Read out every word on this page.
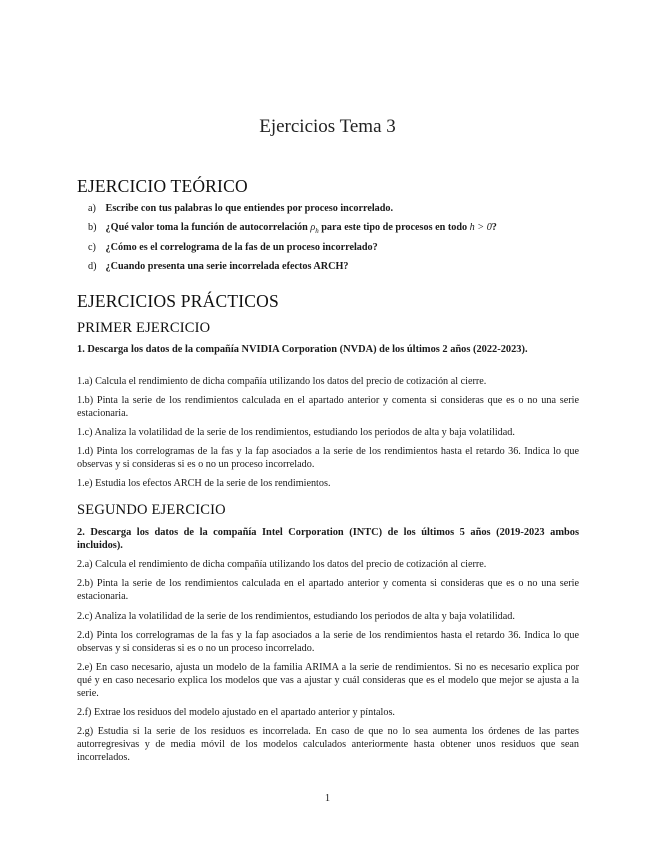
Ejercicios Tema 3
EJERCICIO TEÓRICO
a) Escribe con tus palabras lo que entiendes por proceso incorrelado.
b) ¿Qué valor toma la función de autocorrelación $\rho_h$ para este tipo de procesos en todo h > 0?
c) ¿Cómo es el correlograma de la fas de un proceso incorrelado?
d) ¿Cuando presenta una serie incorrelada efectos ARCH?
EJERCICIOS PRÁCTICOS
PRIMER EJERCICIO
1. Descarga los datos de la compañía NVIDIA Corporation (NVDA) de los últimos 2 años (2022-2023).
1.a) Calcula el rendimiento de dicha compañía utilizando los datos del precio de cotización al cierre.
1.b) Pinta la serie de los rendimientos calculada en el apartado anterior y comenta si consideras que es o no una serie estacionaria.
1.c) Analiza la volatilidad de la serie de los rendimientos, estudiando los periodos de alta y baja volatilidad.
1.d) Pinta los correlogramas de la fas y la fap asociados a la serie de los rendimientos hasta el retardo 36. Indica lo que observas y si consideras si es o no un proceso incorrelado.
1.e) Estudia los efectos ARCH de la serie de los rendimientos.
SEGUNDO EJERCICIO
2. Descarga los datos de la compañía Intel Corporation (INTC) de los últimos 5 años (2019-2023 ambos incluidos).
2.a) Calcula el rendimiento de dicha compañía utilizando los datos del precio de cotización al cierre.
2.b) Pinta la serie de los rendimientos calculada en el apartado anterior y comenta si consideras que es o no una serie estacionaria.
2.c) Analiza la volatilidad de la serie de los rendimientos, estudiando los periodos de alta y baja volatilidad.
2.d) Pinta los correlogramas de la fas y la fap asociados a la serie de los rendimientos hasta el retardo 36. Indica lo que observas y si consideras si es o no un proceso incorrelado.
2.e) En caso necesario, ajusta un modelo de la familia ARIMA a la serie de rendimientos. Si no es necesario explica por qué y en caso necesario explica los modelos que vas a ajustar y cuál consideras que es el modelo que mejor se ajusta a la serie.
2.f) Extrae los residuos del modelo ajustado en el apartado anterior y píntalos.
2.g) Estudia si la serie de los residuos es incorrelada. En caso de que no lo sea aumenta los órdenes de las partes autorregresivas y de media móvil de los modelos calculados anteriormente hasta obtener unos residuos que sean incorrelados.
1
